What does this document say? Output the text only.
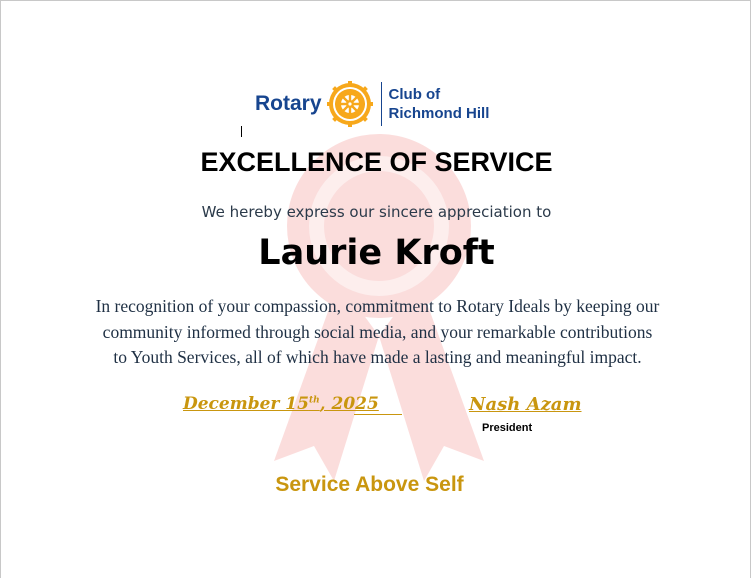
Rotary	Club of
Richmond Hill
EXCELLENCE OF SERVICE
We hereby express our sincere appreciation to
Laurie Kroft
In recognition of your compassion, commitment to Rotary Ideals by keeping our
community informed through social media, and your remarkable contributions
to Youth Services, all of which have made a lasting and meaningful impact.
December 15th, 2025	Nash Azam
President
Service Above Self
